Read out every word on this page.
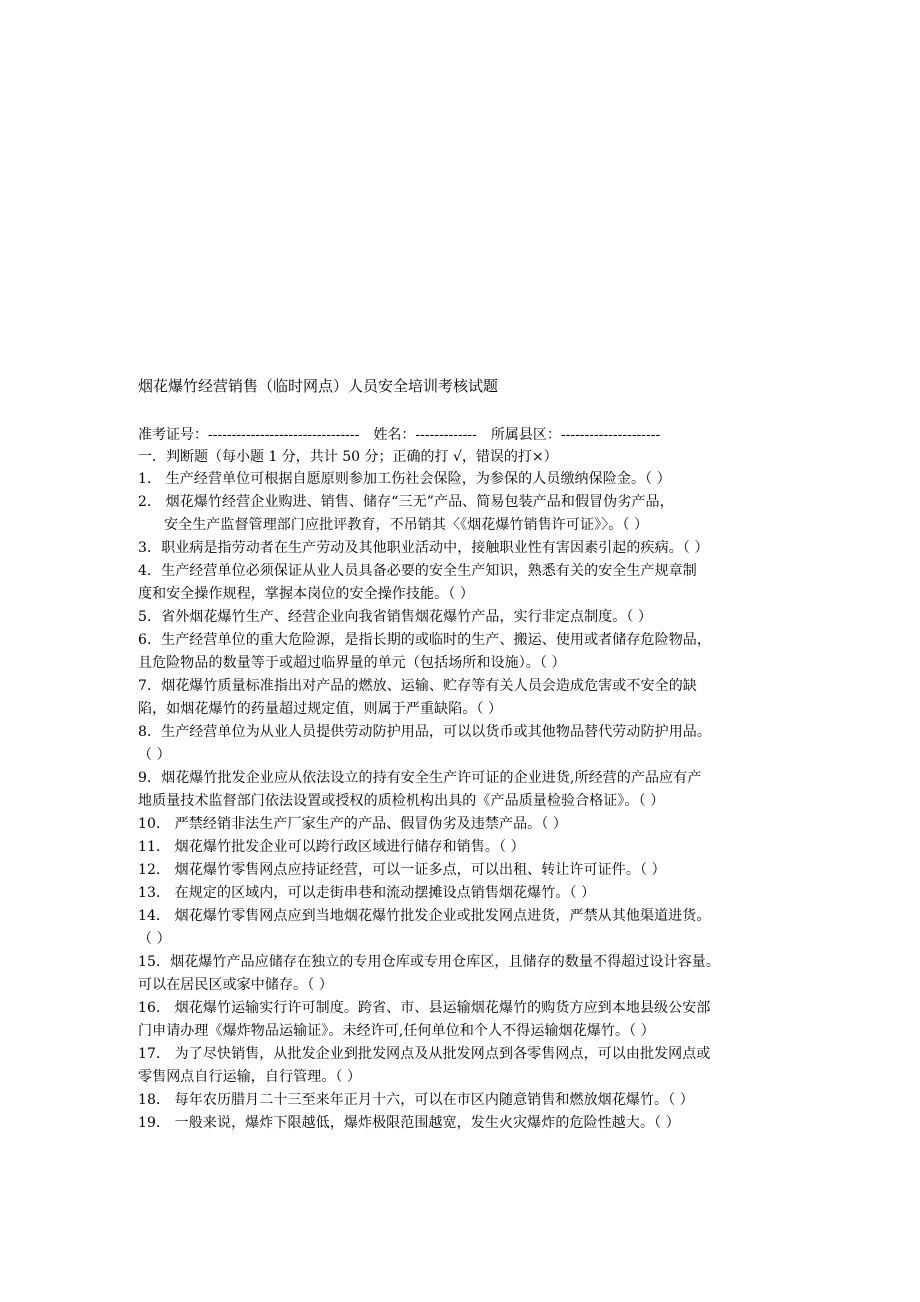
烟花爆竹经营销售（临时网点）人员安全培训考核试题
准考证号：-------------------------------- 姓名：------------- 所属县区：---------------------
一．判断题（每小题 1 分，共计 50 分；正确的打 √，错误的打×）
1． 生产经营单位可根据自愿原则参加工伤社会保险，为参保的人员缴纳保险金。（ ）
2． 烟花爆竹经营企业购进、销售、储存“三无”产品、简易包装产品和假冒伪劣产品，
安全生产监督管理部门应批评教育，不吊销其〈《烟花爆竹销售许可证》〉。（ ）
3．职业病是指劳动者在生产劳动及其他职业活动中，接触职业性有害因素引起的疾病。（ ）
4．生产经营单位必须保证从业人员具备必要的安全生产知识，熟悉有关的安全生产规章制
度和安全操作规程，掌握本岗位的安全操作技能。（ ）
5．省外烟花爆竹生产、经营企业向我省销售烟花爆竹产品，实行非定点制度。（ ）
6．生产经营单位的重大危险源，是指长期的或临时的生产、搬运、使用或者储存危险物品，
且危险物品的数量等于或超过临界量的单元（包括场所和设施）。（ ）
7．烟花爆竹质量标准指出对产品的燃放、运输、贮存等有关人员会造成危害或不安全的缺
陷，如烟花爆竹的药量超过规定值，则属于严重缺陷。（ ）
8．生产经营单位为从业人员提供劳动防护用品，可以以货币或其他物品替代劳动防护用品。
（ ）
9．烟花爆竹批发企业应从依法设立的持有安全生产许可证的企业进货,所经营的产品应有产
地质量技术监督部门依法设置或授权的质检机构出具的《产品质量检验合格证》。（ ）
10． 严禁经销非法生产厂家生产的产品、假冒伪劣及违禁产品。（ ）
11． 烟花爆竹批发企业可以跨行政区域进行储存和销售。（ ）
12． 烟花爆竹零售网点应持证经营，可以一证多点，可以出租、转让许可证件。（ ）
13． 在规定的区域内，可以走街串巷和流动摆摊设点销售烟花爆竹。（ ）
14． 烟花爆竹零售网点应到当地烟花爆竹批发企业或批发网点进货，严禁从其他渠道进货。
（ ）
15．烟花爆竹产品应储存在独立的专用仓库或专用仓库区，且储存的数量不得超过设计容量。
可以在居民区或家中储存。（ ）
16． 烟花爆竹运输实行许可制度。跨省、市、县运输烟花爆竹的购货方应到本地县级公安部
门申请办理《爆炸物品运输证》。未经许可,任何单位和个人不得运输烟花爆竹。（ ）
17． 为了尽快销售，从批发企业到批发网点及从批发网点到各零售网点，可以由批发网点或
零售网点自行运输，自行管理。（ ）
18． 每年农历腊月二十三至来年正月十六，可以在市区内随意销售和燃放烟花爆竹。（ ）
19． 一般来说，爆炸下限越低，爆炸极限范围越宽，发生火灾爆炸的危险性越大。（ ）
